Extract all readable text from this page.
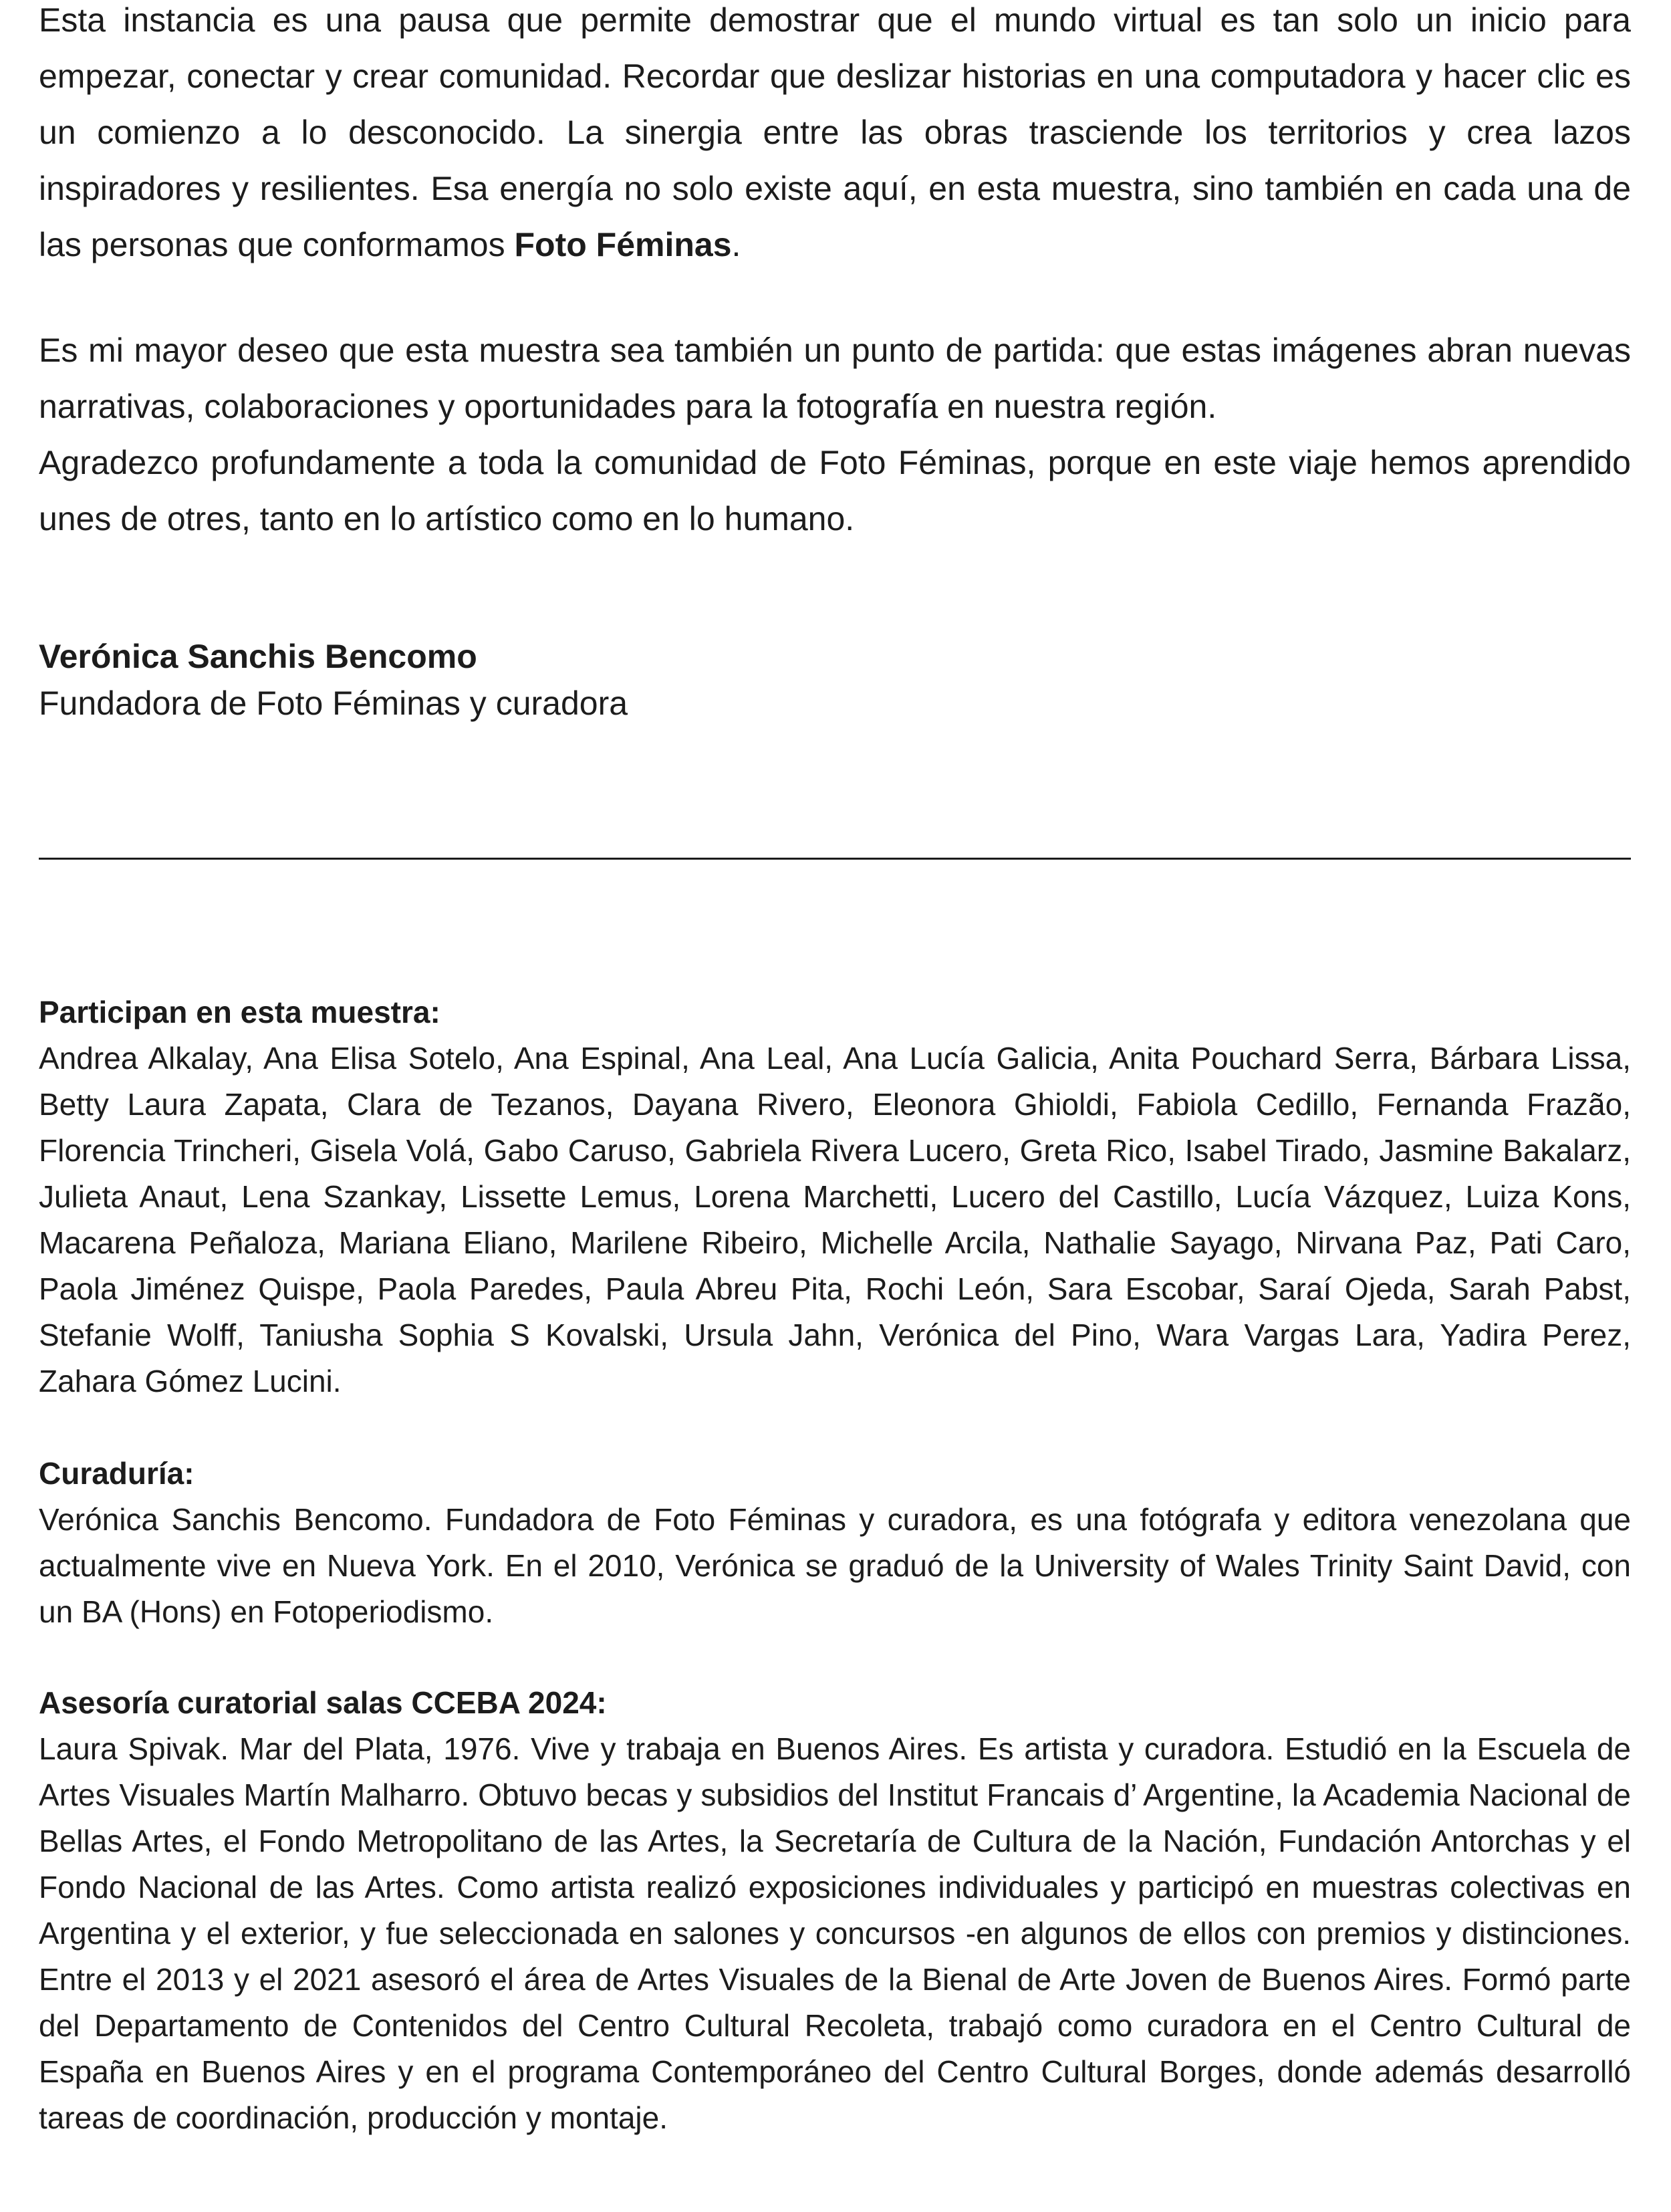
Esta instancia es una pausa que permite demostrar que el mundo virtual es tan solo un inicio para empezar, conectar y crear comunidad. Recordar que deslizar historias en una computadora y hacer clic es un comienzo a lo desconocido. La sinergia entre las obras trasciende los territorios y crea lazos inspiradores y resilientes. Esa energía no solo existe aquí, en esta muestra, sino también en cada una de las personas que conformamos Foto Féminas.

Es mi mayor deseo que esta muestra sea también un punto de partida: que estas imágenes abran nuevas narrativas, colaboraciones y oportunidades para la fotografía en nuestra región.
Agradezco profundamente a toda la comunidad de Foto Féminas, porque en este viaje hemos aprendido unes de otres, tanto en lo artístico como en lo humano.

Verónica Sanchis Bencomo
Fundadora de Foto Féminas y curadora
Participan en esta muestra:

Andrea Alkalay, Ana Elisa Sotelo, Ana Espinal, Ana Leal, Ana Lucía Galicia, Anita Pouchard Serra, Bárbara Lissa, Betty Laura Zapata, Clara de Tezanos, Dayana Rivero, Eleonora Ghioldi, Fabiola Cedillo, Fernanda Frazão, Florencia Trincheri, Gisela Volá, Gabo Caruso, Gabriela Rivera Lucero, Greta Rico, Isabel Tirado, Jasmine Bakalarz, Julieta Anaut, Lena Szankay, Lissette Lemus, Lorena Marchetti, Lucero del Castillo, Lucía Vázquez, Luiza Kons, Macarena Peñaloza, Mariana Eliano, Marilene Ribeiro, Michelle Arcila, Nathalie Sayago, Nirvana Paz, Pati Caro, Paola Jiménez Quispe, Paola Paredes, Paula Abreu Pita, Rochi León, Sara Escobar, Saraí Ojeda, Sarah Pabst, Stefanie Wolff, Taniusha Sophia S Kovalski, Ursula Jahn, Verónica del Pino, Wara Vargas Lara, Yadira Perez, Zahara Gómez Lucini.

Curaduría:

Verónica Sanchis Bencomo. Fundadora de Foto Féminas y curadora, es una fotógrafa y editora venezolana que actualmente vive en Nueva York. En el 2010, Verónica se graduó de la University of Wales Trinity Saint David, con un BA (Hons) en Fotoperiodismo.

Asesoría curatorial salas CCEBA 2024:

Laura Spivak. Mar del Plata, 1976. Vive y trabaja en Buenos Aires. Es artista y curadora. Estudió en la Escuela de Artes Visuales Martín Malharro. Obtuvo becas y subsidios del Institut Francais d’ Argentine, la Academia Nacional de Bellas Artes, el Fondo Metropolitano de las Artes, la Secretaría de Cultura de la Nación, Fundación Antorchas y el Fondo Nacional de las Artes. Como artista realizó exposiciones individuales y participó en muestras colectivas en Argentina y el exterior, y fue seleccionada en salones y concursos -en algunos de ellos con premios y distinciones. Entre el 2013 y el 2021 asesoró el área de Artes Visuales de la Bienal de Arte Joven de Buenos Aires. Formó parte del Departamento de Contenidos del Centro Cultural Recoleta, trabajó como curadora en el Centro Cultural de España en Buenos Aires y en el programa Contemporáneo del Centro Cultural Borges, donde además desarrolló tareas de coordinación, producción y montaje.
